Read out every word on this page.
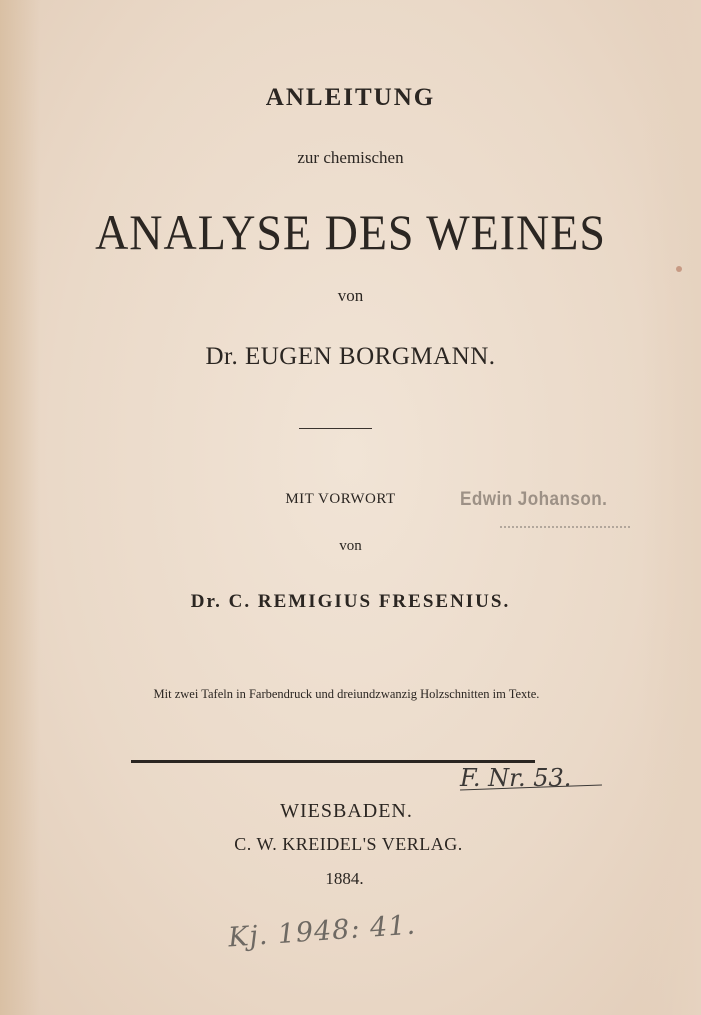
ANLEITUNG
zur chemischen
ANALYSE DES WEINES
von
Dr. EUGEN BORGMANN.
MIT VORWORT
von
Dr. C. REMIGIUS FRESENIUS.
Mit zwei Tafeln in Farbendruck und dreiundzwanzig Holzschnitten im Texte.
WIESBADEN.
C. W. KREIDEL'S VERLAG.
1884.
Edwin Johanson.
F. Nr. 53.
Kj. 1948: 41.
